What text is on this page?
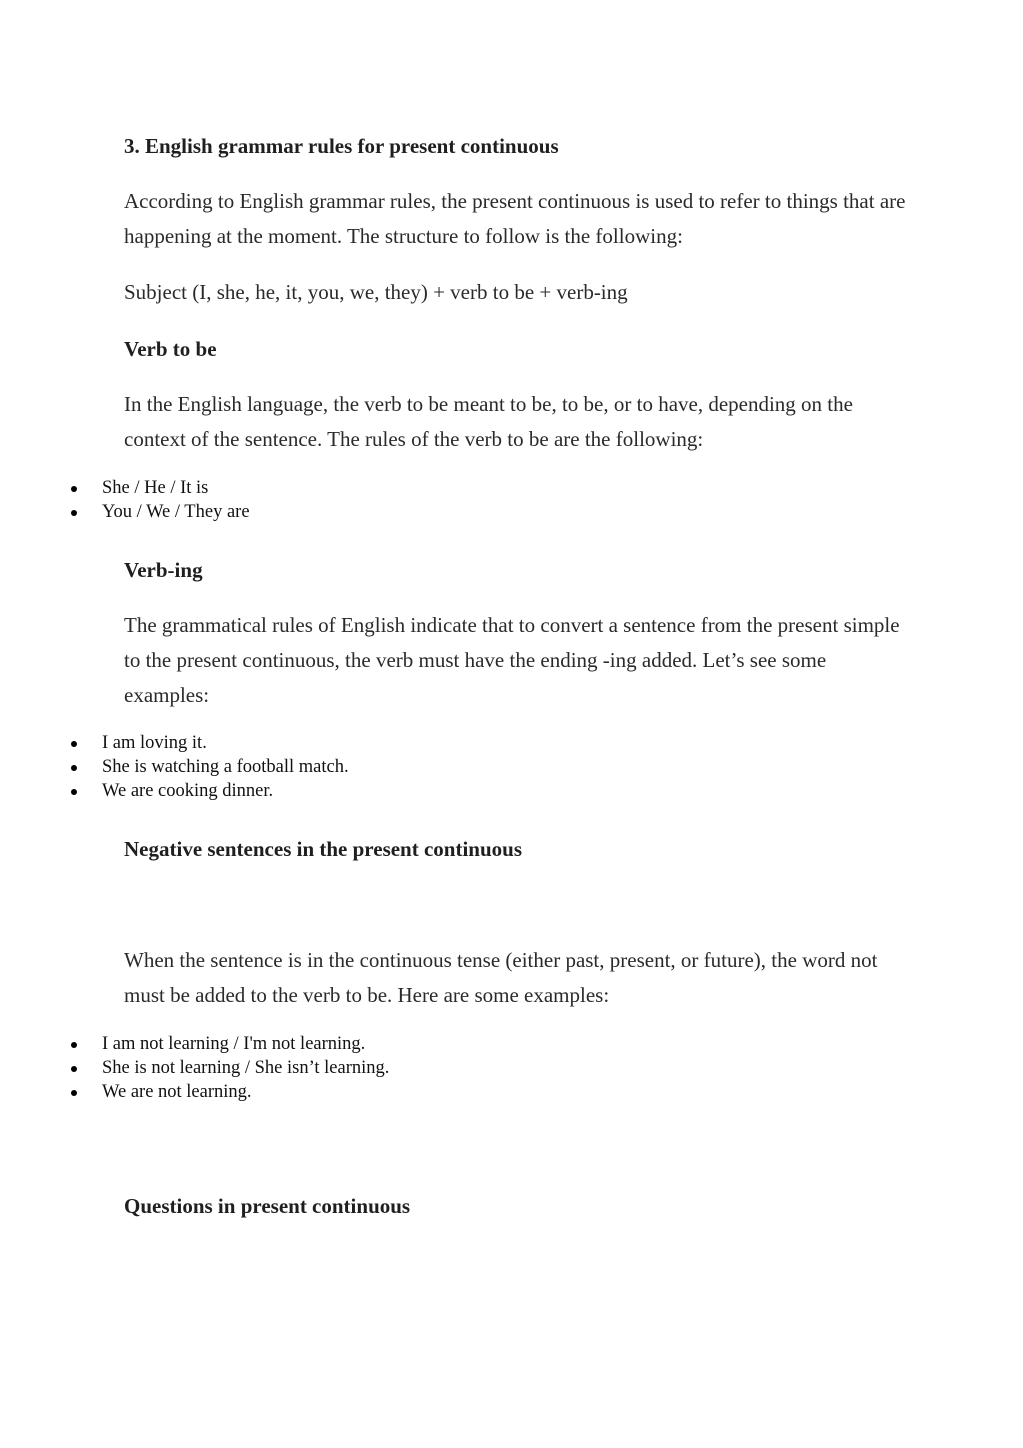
3. English grammar rules for present continuous

According to English grammar rules, the present continuous is used to refer to things that are happening at the moment. The structure to follow is the following:

Subject (I, she, he, it, you, we, they) + verb to be + verb-ing

Verb to be

In the English language, the verb to be meant to be, to be, or to have, depending on the context of the sentence. The rules of the verb to be are the following:

She / He / It is
You / We / They are
Verb-ing

The grammatical rules of English indicate that to convert a sentence from the present simple to the present continuous, the verb must have the ending -ing added. Let’s see some examples:

I am loving it.
She is watching a football match.
We are cooking dinner.
Negative sentences in the present continuous

When the sentence is in the continuous tense (either past, present, or future), the word not must be added to the verb to be. Here are some examples:

I am not learning / I'm not learning.
She is not learning / She isn’t learning.
We are not learning.
Questions in present continuous
